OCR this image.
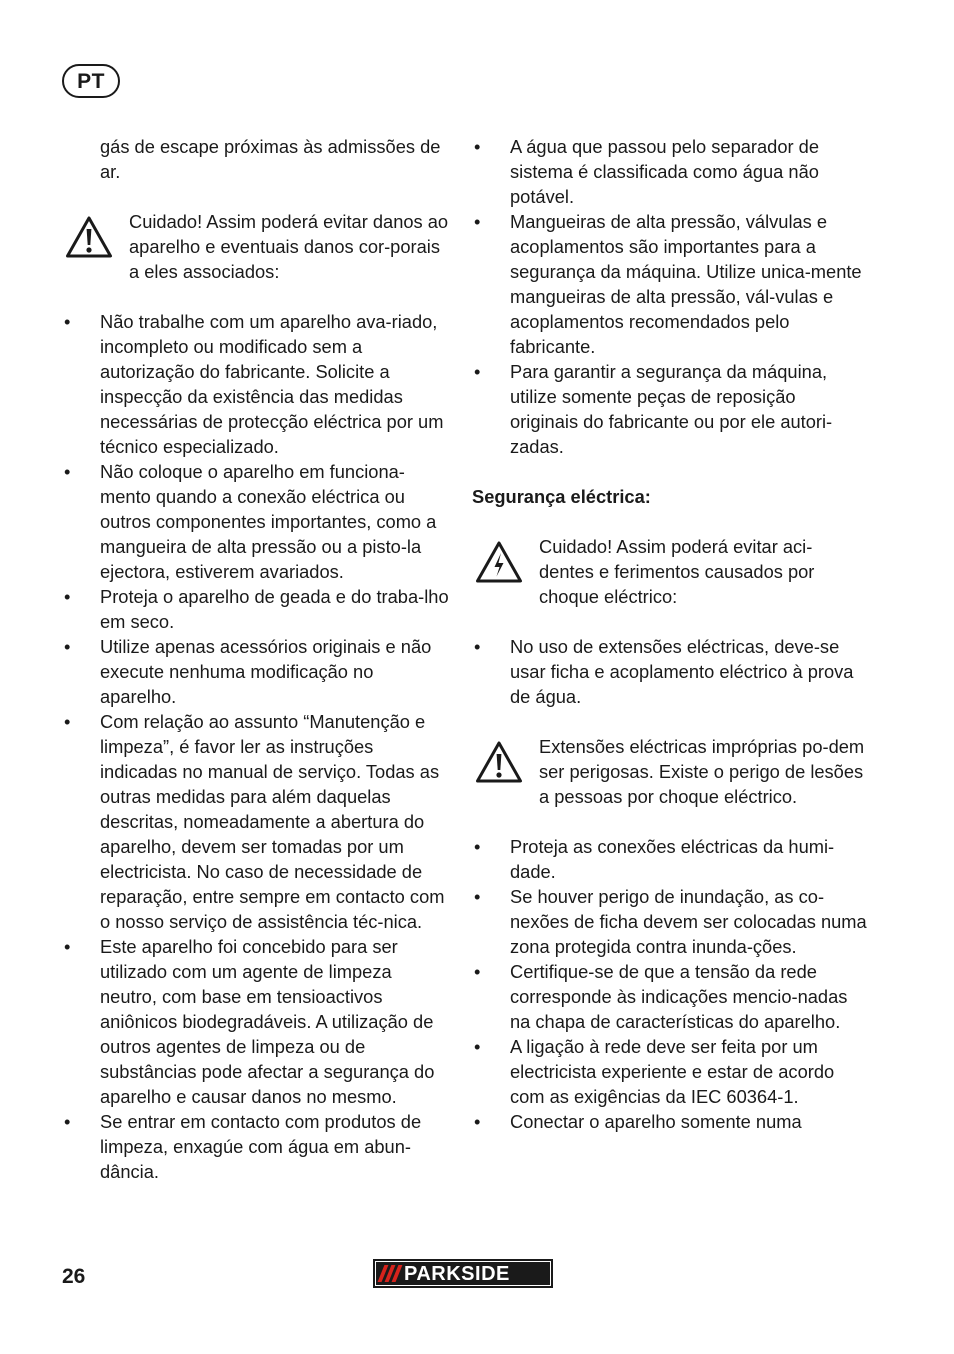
PT

gás de escape próximas às admissões de ar.

Cuidado! Assim poderá evitar danos ao aparelho e eventuais danos cor-porais a eles associados:

• Não trabalhe com um aparelho ava-riado, incompleto ou modificado sem a autorização do fabricante. Solicite a inspecção da existência das medidas necessárias de protecção eléctrica por um técnico especializado.
• Não coloque o aparelho em funciona-mento quando a conexão eléctrica ou outros componentes importantes, como a mangueira de alta pressão ou a pisto-la ejectora, estiverem avariados.
• Proteja o aparelho de geada e do traba-lho em seco.
• Utilize apenas acessórios originais e não execute nenhuma modificação no aparelho.
• Com relação ao assunto “Manutenção e limpeza”, é favor ler as instruções indicadas no manual de serviço. Todas as outras medidas para além daquelas descritas, nomeadamente a abertura do aparelho, devem ser tomadas por um electricista. No caso de necessidade de reparação, entre sempre em contacto com o nosso serviço de assistência téc-nica.
• Este aparelho foi concebido para ser utilizado com um agente de limpeza neutro, com base em tensioactivos aniônicos biodegradáveis. A utilização de outros agentes de limpeza ou de substâncias pode afectar a segurança do aparelho e causar danos no mesmo.
• Se entrar em contacto com produtos de limpeza, enxagúe com água em abun-dância.
• A água que passou pelo separador de sistema é classificada como água não potável.
• Mangueiras de alta pressão, válvulas e acoplamentos são importantes para a segurança da máquina. Utilize unica-mente mangueiras de alta pressão, vál-vulas e acoplamentos recomendados pelo fabricante.
• Para garantir a segurança da máquina, utilize somente peças de reposição originais do fabricante ou por ele autori-zadas.

Segurança eléctrica:

Cuidado! Assim poderá evitar aci-dentes e ferimentos causados por choque eléctrico:

• No uso de extensões eléctricas, deve-se usar ficha e acoplamento eléctrico à prova de água.

Extensões eléctricas impróprias po-dem ser perigosas. Existe o perigo de lesões a pessoas por choque eléctrico.

• Proteja as conexões eléctricas da humi-dade.
• Se houver perigo de inundação, as co-nexões de ficha devem ser colocadas numa zona protegida contra inunda-ções.
• Certifique-se de que a tensão da rede corresponde às indicações mencio-nadas na chapa de características do aparelho.
• A ligação à rede deve ser feita por um electricista experiente e estar de acordo com as exigências da IEC 60364-1.
• Conectar o aparelho somente numa
26	PARKSIDE
